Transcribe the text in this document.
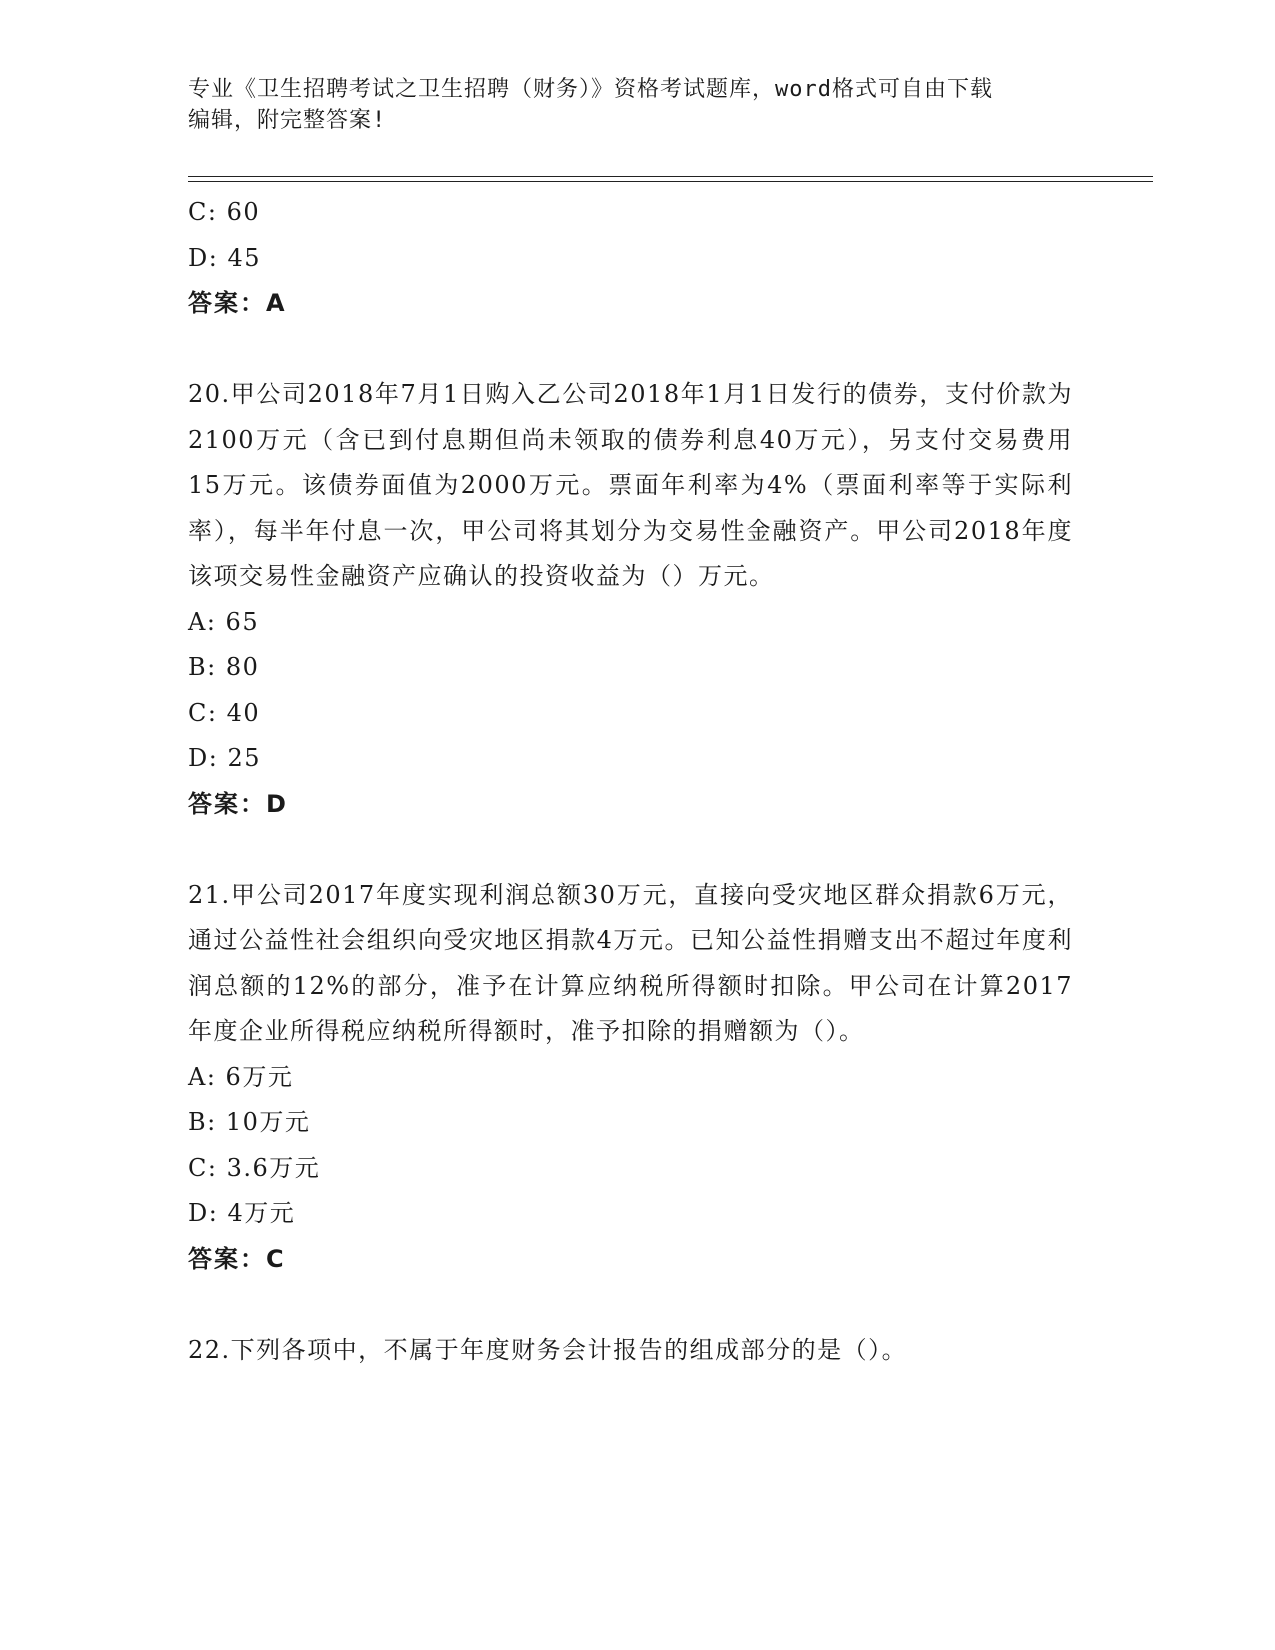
专业《卫生招聘考试之卫生招聘（财务）》资格考试题库，word格式可自由下载
编辑，附完整答案!
C: 60
D: 45
答案：A
20.甲公司2018年7月1日购入乙公司2018年1月1日发行的债券，支付价款为2100万元（含已到付息期但尚未领取的债券利息40万元），另支付交易费用15万元。该债券面值为2000万元。票面年利率为4%（票面利率等于实际利率），每半年付息一次，甲公司将其划分为交易性金融资产。甲公司2018年度该项交易性金融资产应确认的投资收益为（）万元。
A: 65
B: 80
C: 40
D: 25
答案：D
21.甲公司2017年度实现利润总额30万元，直接向受灾地区群众捐款6万元，通过公益性社会组织向受灾地区捐款4万元。已知公益性捐赠支出不超过年度利润总额的12%的部分，准予在计算应纳税所得额时扣除。甲公司在计算2017年度企业所得税应纳税所得额时，准予扣除的捐赠额为（）。
A: 6万元
B: 10万元
C: 3.6万元
D: 4万元
答案：C
22.下列各项中，不属于年度财务会计报告的组成部分的是（）。
